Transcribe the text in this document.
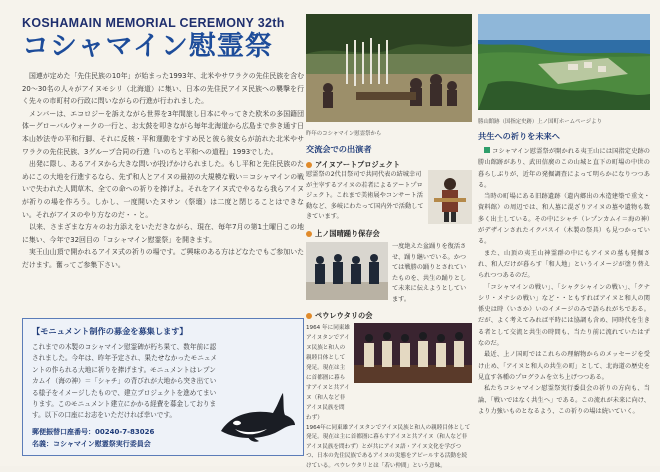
KOSHAMAIN MEMORIAL CEREMONY 32th
コシャマイン慰霊祭

国連が定めた「先住民族の10年」が始まった1993年、北米やサワラクの先住民族を含む20〜30名の人々がアイヌモシリ（北海道）に集い、日本の先住民アイヌ民族への襲撃を行く先々の市町村の行政に問いながらの行進が行われました。

メンバーは、エコロジーを訴えながら世界を3年間旅し日本にやってきた欧米の多国籍団体ーグローバルウォークの一行と、お太鼓を叩きながら毎年北海道から広島まで歩き通す日本山妙法寺の平和行脚、それに反核・平和運動をすすめ民と彼ら彼女らが訪れた北米やサワラクの先住民族、3グループ合同の行進「いのちと平和への道程」1993でした。

出発に際し、あるアイヌから大きな問いが投げかけられました。もし平和と先住民族のためにこの大地を行進するなら、先ず和人とアイヌの最初の大規模な戦い＝コシャマインの戦いで失われた人間草木、全ての命への祈りを捧げよ。それをアイヌ式でやるなら我らアイヌが祈りの場を作ろう。しかし、一度開いたヌサン（祭壇）は二度と閉じることはできない。それがアイヌのやり方なのだ・・と。

以来、さまざまな方々のお力添えをいただきながら、現在、毎年7月の第1土曜日この地に集い、今年で32回目の「コシャマイン慰霊祭」を開きます。

実王山山頂で開かれるアイヌ式の祈りの場です。ご興味のある方はどなたでもご参加いただけます。奮ってご参集下さい。

【モニュメント制作の募金を募集します】
これまでの木製のコシャマイン慰霊碑が朽ち果て、数年前に認されました。今年は、昨年予定され、果たせなかったモニュメントの作られる大地に祈りを捧げます。モニュメントはレプンカムイ（海の神）＝「シャチ」の背びれが大地から突き出ている様子をイメージしたもので、建立プロジェクトを進めてまいります。このモニュメント建立にかかる経費を募金しております。以下の口座にお志をいただければ幸いです。
郵便振替口座番号：00240-7-83026
名義：コシャマイン慰霊祭実行委員会
昨年のコシャマイン慰霊祭から
交流会での出演者
アイヌアートプロジェクト
慰霊祭の2代目祭司で共同代表の結城幸司が主宰するアイヌの若者によるアートプロジェクト。これまで美術展やコンサート活動など、多岐にわたって国内外で活動してきています。
上ノ国晴踊り保存会
一度絶えた盆踊りを復活させ、踊り継いでいる。かつては戦勝の踊りとされていたものを、共生の踊りとして未来に伝えようとしています。
ペウレウタリの会
1964 年に同東雄アイヌタンでアイヌ民族と和人の親睦目体として発足。現在は主に首都圏に暮らすアイヌと共アイヌ（和人など非アイヌ民族を問わず）
1964年に同東雄アイヌタンでアイヌ民族と和人の親睦目体として発足。現在は主に首都圏に暮らすアイヌと共アイヌ（和人など非アイヌ民族を問わず）とが共にアイヌ語・アイヌ文化を学びつつ、日本の先住民族であるアイヌの実態をアピールする活動を続けている。ペウレウタリとは「若い仲間」という意味。
勝山館跡（国指定史跡）上ノ国町ホームページより
共生への祈りを未来へ

コシャマイン慰霊祭が開かれる夷王山には国指定史跡の勝山館跡があり、武田信廣のこの山城と直下の町場の中世の暮らしぶりが、近年の発掘調査によって明らかになりつつある。

当時の町場にある旧跡遺跡（遺内郷出の木造建築で重文・資料館）の周辺では、和人墓に混ざりアイヌの墓や遺物も数多く出土している。その中にシャチ（レプンカムイ＝海の神）がデザインされたイクパスイ（木製の祭具）も見つかっている。

また、山頂の夷王山神霊群の中にもアイヌの墓も発掘され、和人だけが暮らす「和人地」というイメージが塗り替えられつつあるのだ。

「コシャマインの戦い」、「シャクシャインの戦い」、「クナシリ・メナシの戦い」など・・ともすればアイヌと和人の関係史は時（いさか）いのイメージのみで語られがちである。だが、よく考えてみれば平時には協調も含め、同時代を生きる者として交流と共生の時間も、当たり前に流れていたはずなのだ。

最近、上ノ国町ではこれらの理解物からのメッセージを受け止め、「アイヌと和人の共生の町」として、北海道の歴史を見直す各種のプログラムを立ち上げつつある。

私たちコシャマイン慰霊祭実行委員会の祈りの方向も、当論、「戦いではなく共生へ」である。この流れが未来に向け、より力強いものとなるよう、この祈りの場は続いていく。
